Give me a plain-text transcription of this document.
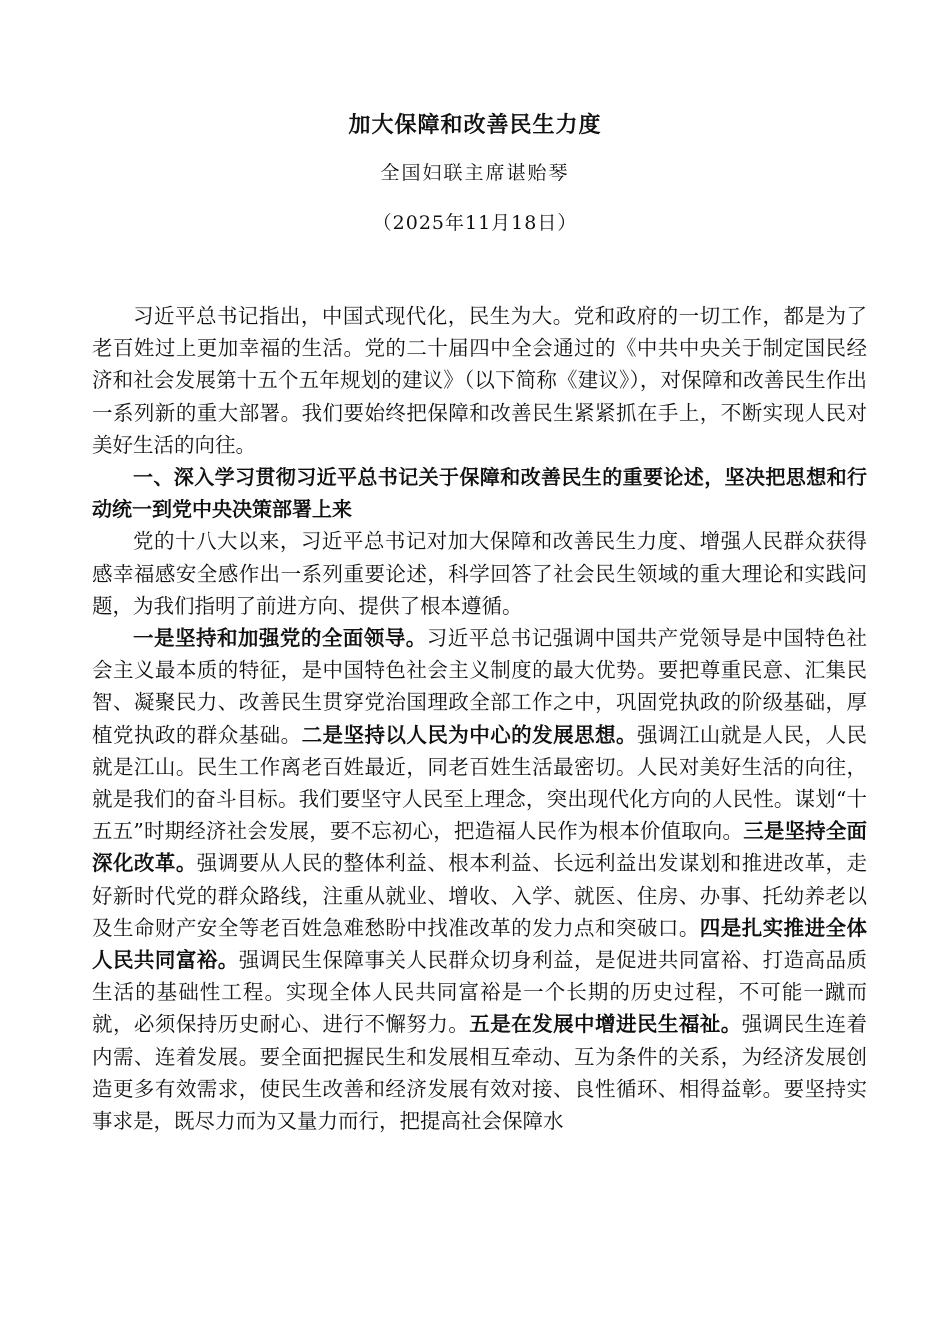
加大保障和改善民生力度
全国妇联主席谌贻琴
（2025年11月18日）

习近平总书记指出，中国式现代化，民生为大。党和政府的一切工作，都是为了老百姓过上更加幸福的生活。党的二十届四中全会通过的《中共中央关于制定国民经济和社会发展第十五个五年规划的建议》（以下简称《建议》），对保障和改善民生作出一系列新的重大部署。我们要始终把保障和改善民生紧紧抓在手上，不断实现人民对美好生活的向往。

一、深入学习贯彻习近平总书记关于保障和改善民生的重要论述，坚决把思想和行动统一到党中央决策部署上来

党的十八大以来，习近平总书记对加大保障和改善民生力度、增强人民群众获得感幸福感安全感作出一系列重要论述，科学回答了社会民生领域的重大理论和实践问题，为我们指明了前进方向、提供了根本遵循。

一是坚持和加强党的全面领导。习近平总书记强调中国共产党领导是中国特色社会主义最本质的特征，是中国特色社会主义制度的最大优势。要把尊重民意、汇集民智、凝聚民力、改善民生贯穿党治国理政全部工作之中，巩固党执政的阶级基础，厚植党执政的群众基础。二是坚持以人民为中心的发展思想。强调江山就是人民，人民就是江山。民生工作离老百姓最近，同老百姓生活最密切。人民对美好生活的向往，就是我们的奋斗目标。我们要坚守人民至上理念，突出现代化方向的人民性。谋划“十五五”时期经济社会发展，要不忘初心，把造福人民作为根本价值取向。三是坚持全面深化改革。强调要从人民的整体利益、根本利益、长远利益出发谋划和推进改革，走好新时代党的群众路线，注重从就业、增收、入学、就医、住房、办事、托幼养老以及生命财产安全等老百姓急难愁盼中找准改革的发力点和突破口。四是扎实推进全体人民共同富裕。强调民生保障事关人民群众切身利益，是促进共同富裕、打造高品质生活的基础性工程。实现全体人民共同富裕是一个长期的历史过程，不可能一蹴而就，必须保持历史耐心、进行不懈努力。五是在发展中增进民生福祉。强调民生连着内需、连着发展。要全面把握民生和发展相互牵动、互为条件的关系，为经济发展创造更多有效需求，使民生改善和经济发展有效对接、良性循环、相得益彰。要坚持实事求是，既尽力而为又量力而行，把提高社会保障水
